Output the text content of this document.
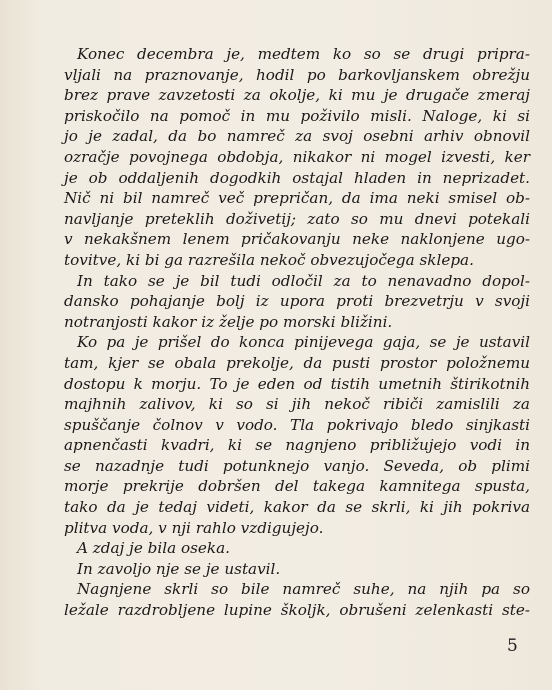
Konec decembra je, medtem ko so se drugi pripra-
vljali na praznovanje, hodil po barkovljanskem obrežju
brez prave zavzetosti za okolje, ki mu je drugače zmeraj
priskočilo na pomoč in mu poživilo misli. Naloge, ki si
jo je zadal, da bo namreč za svoj osebni arhiv obnovil
ozračje povojnega obdobja, nikakor ni mogel izvesti, ker
je ob oddaljenih dogodkih ostajal hladen in neprizadet.
Nič ni bil namreč več prepričan, da ima neki smisel ob-
navljanje preteklih doživetij; zato so mu dnevi potekali
v nekakšnem lenem pričakovanju neke naklonjene ugo-
tovitve, ki bi ga razrešila nekoč obvezujočega sklepa.
In tako se je bil tudi odločil za to nenavadno dopol-
dansko pohajanje bolj iz upora proti brezvetrju v svoji
notranjosti kakor iz želje po morski bližini.
Ko pa je prišel do konca pinijevega gaja, se je ustavil
tam, kjer se obala prekolje, da pusti prostor položnemu
dostopu k morju. To je eden od tistih umetnih štirikotnih
majhnih zalivov, ki so si jih nekoč ribiči zamislili za
spuščanje čolnov v vodo. Tla pokrivajo bledo sinjkasti
apnenčasti kvadri, ki se nagnjeno približujejo vodi in
se nazadnje tudi potunknejo vanjo. Seveda, ob plimi
morje prekrije dobršen del takega kamnitega spusta,
tako da je tedaj videti, kakor da se skrli, ki jih pokriva
plitva voda, v nji rahlo vzdigujejo.
A zdaj je bila oseka.
In zavoljo nje se je ustavil.
Nagnjene skrli so bile namreč suhe, na njih pa so
ležale razdrobljene lupine školjk, obrušeni zelenkasti ste-
5
